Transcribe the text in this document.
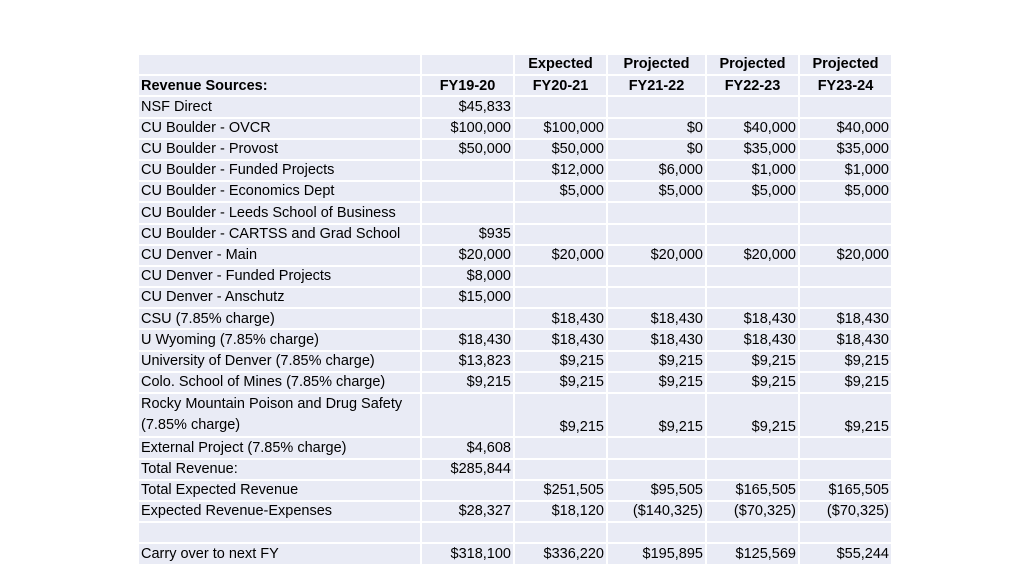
		Expected	Projected	Projected	Projected
Revenue Sources:	FY19-20	FY20-21	FY21-22	FY22-23	FY23-24
NSF Direct	$45,833				
CU Boulder - OVCR	$100,000	$100,000	$0	$40,000	$40,000
CU Boulder - Provost	$50,000	$50,000	$0	$35,000	$35,000
CU Boulder - Funded Projects		$12,000	$6,000	$1,000	$1,000
CU Boulder - Economics Dept		$5,000	$5,000	$5,000	$5,000
CU Boulder - Leeds School of Business					
CU Boulder - CARTSS and Grad School	$935				
CU Denver - Main	$20,000	$20,000	$20,000	$20,000	$20,000
CU Denver - Funded Projects	$8,000				
CU Denver - Anschutz	$15,000				
CSU (7.85% charge)		$18,430	$18,430	$18,430	$18,430
U Wyoming (7.85% charge)	$18,430	$18,430	$18,430	$18,430	$18,430
University of Denver (7.85% charge)	$13,823	$9,215	$9,215	$9,215	$9,215
Colo. School of Mines (7.85% charge)	$9,215	$9,215	$9,215	$9,215	$9,215
Rocky Mountain Poison and Drug Safety (7.85% charge)		$9,215	$9,215	$9,215	$9,215
External Project (7.85% charge)	$4,608				
Total Revenue:	$285,844				
Total Expected Revenue		$251,505	$95,505	$165,505	$165,505
Expected Revenue-Expenses	$28,327	$18,120	($140,325)	($70,325)	($70,325)

Carry over to next FY	$318,100	$336,220	$195,895	$125,569	$55,244
